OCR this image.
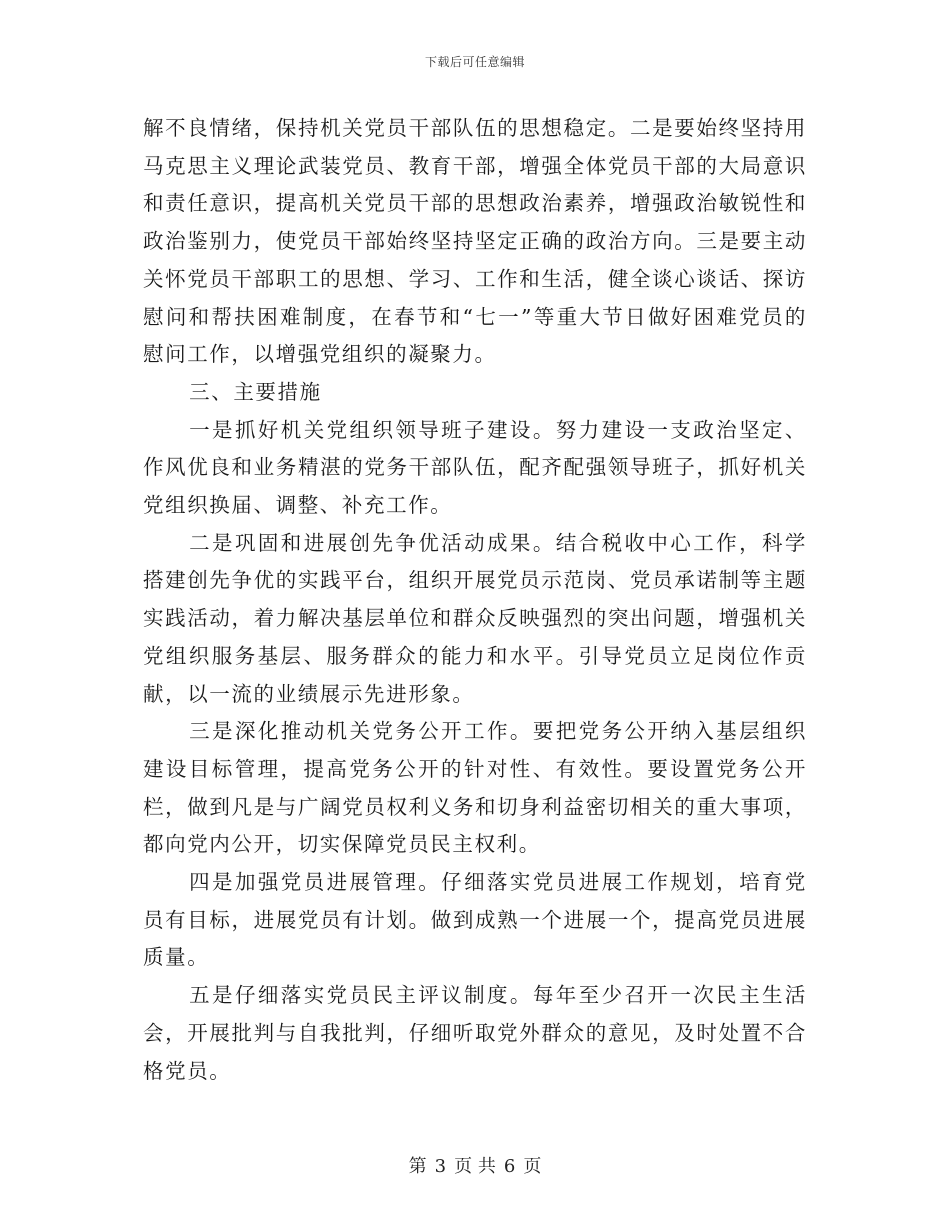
下载后可任意编辑

解不良情绪，保持机关党员干部队伍的思想稳定。二是要始终坚持用马克思主义理论武装党员、教育干部，增强全体党员干部的大局意识和责任意识，提高机关党员干部的思想政治素养，增强政治敏锐性和政治鉴别力，使党员干部始终坚持坚定正确的政治方向。三是要主动关怀党员干部职工的思想、学习、工作和生活，健全谈心谈话、探访慰问和帮扶困难制度，在春节和“七一”等重大节日做好困难党员的慰问工作，以增强党组织的凝聚力。

三、主要措施

一是抓好机关党组织领导班子建设。努力建设一支政治坚定、作风优良和业务精湛的党务干部队伍，配齐配强领导班子，抓好机关党组织换届、调整、补充工作。

二是巩固和进展创先争优活动成果。结合税收中心工作，科学搭建创先争优的实践平台，组织开展党员示范岗、党员承诺制等主题实践活动，着力解决基层单位和群众反映强烈的突出问题，增强机关党组织服务基层、服务群众的能力和水平。引导党员立足岗位作贡献，以一流的业绩展示先进形象。

三是深化推动机关党务公开工作。要把党务公开纳入基层组织建设目标管理，提高党务公开的针对性、有效性。要设置党务公开栏，做到凡是与广阔党员权利义务和切身利益密切相关的重大事项，都向党内公开，切实保障党员民主权利。

四是加强党员进展管理。仔细落实党员进展工作规划，培育党员有目标，进展党员有计划。做到成熟一个进展一个，提高党员进展质量。

五是仔细落实党员民主评议制度。每年至少召开一次民主生活会，开展批判与自我批判，仔细听取党外群众的意见，及时处置不合格党员。

第 3 页 共 6 页
